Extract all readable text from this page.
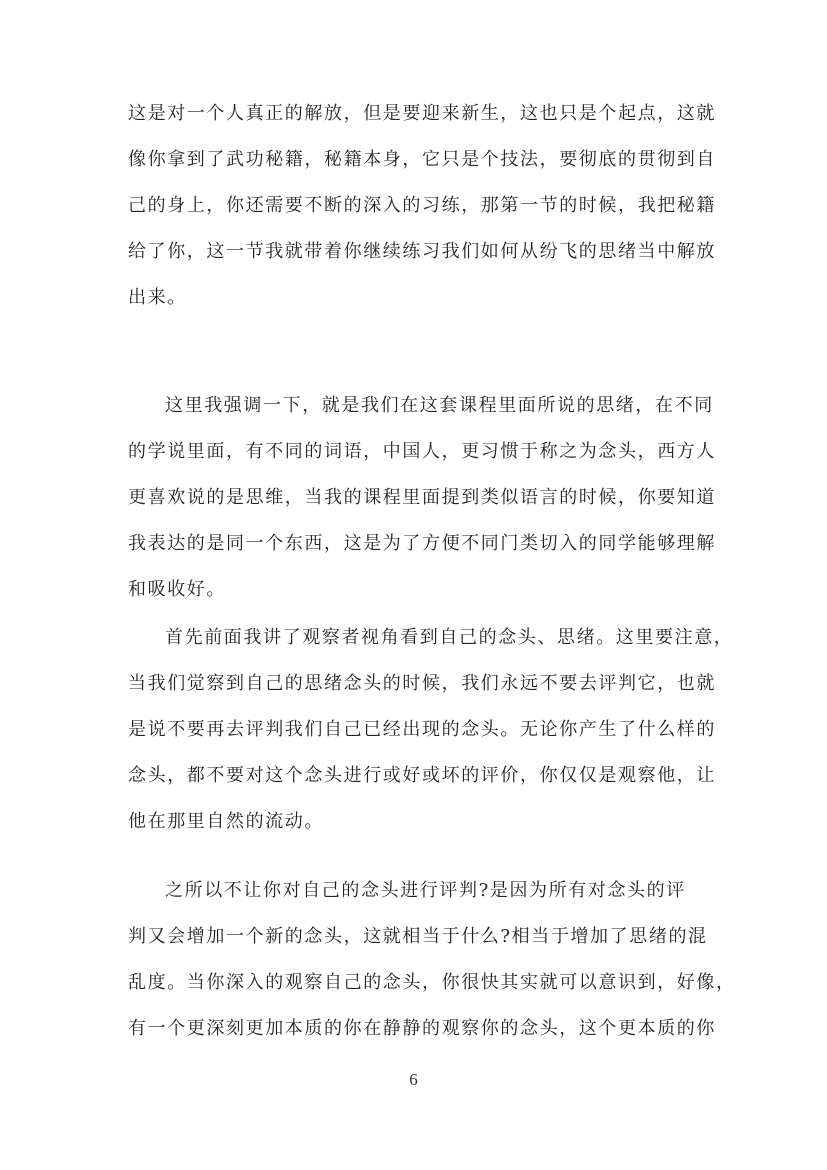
这是对一个人真正的解放，但是要迎来新生，这也只是个起点，这就
像你拿到了武功秘籍，秘籍本身，它只是个技法，要彻底的贯彻到自
己的身上，你还需要不断的深入的习练，那第一节的时候，我把秘籍
给了你，这一节我就带着你继续练习我们如何从纷飞的思绪当中解放
出来。
这里我强调一下，就是我们在这套课程里面所说的思绪，在不同
的学说里面，有不同的词语，中国人，更习惯于称之为念头，西方人
更喜欢说的是思维，当我的课程里面提到类似语言的时候，你要知道
我表达的是同一个东西，这是为了方便不同门类切入的同学能够理解
和吸收好。
首先前面我讲了观察者视角看到自己的念头、思绪。这里要注意，
当我们觉察到自己的思绪念头的时候，我们永远不要去评判它，也就
是说不要再去评判我们自己已经出现的念头。无论你产生了什么样的
念头，都不要对这个念头进行或好或坏的评价，你仅仅是观察他，让
他在那里自然的流动。
之所以不让你对自己的念头进行评判?是因为所有对念头的评
判又会增加一个新的念头，这就相当于什么?相当于增加了思绪的混
乱度。当你深入的观察自己的念头，你很快其实就可以意识到，好像，
有一个更深刻更加本质的你在静静的观察你的念头，这个更本质的你
6
